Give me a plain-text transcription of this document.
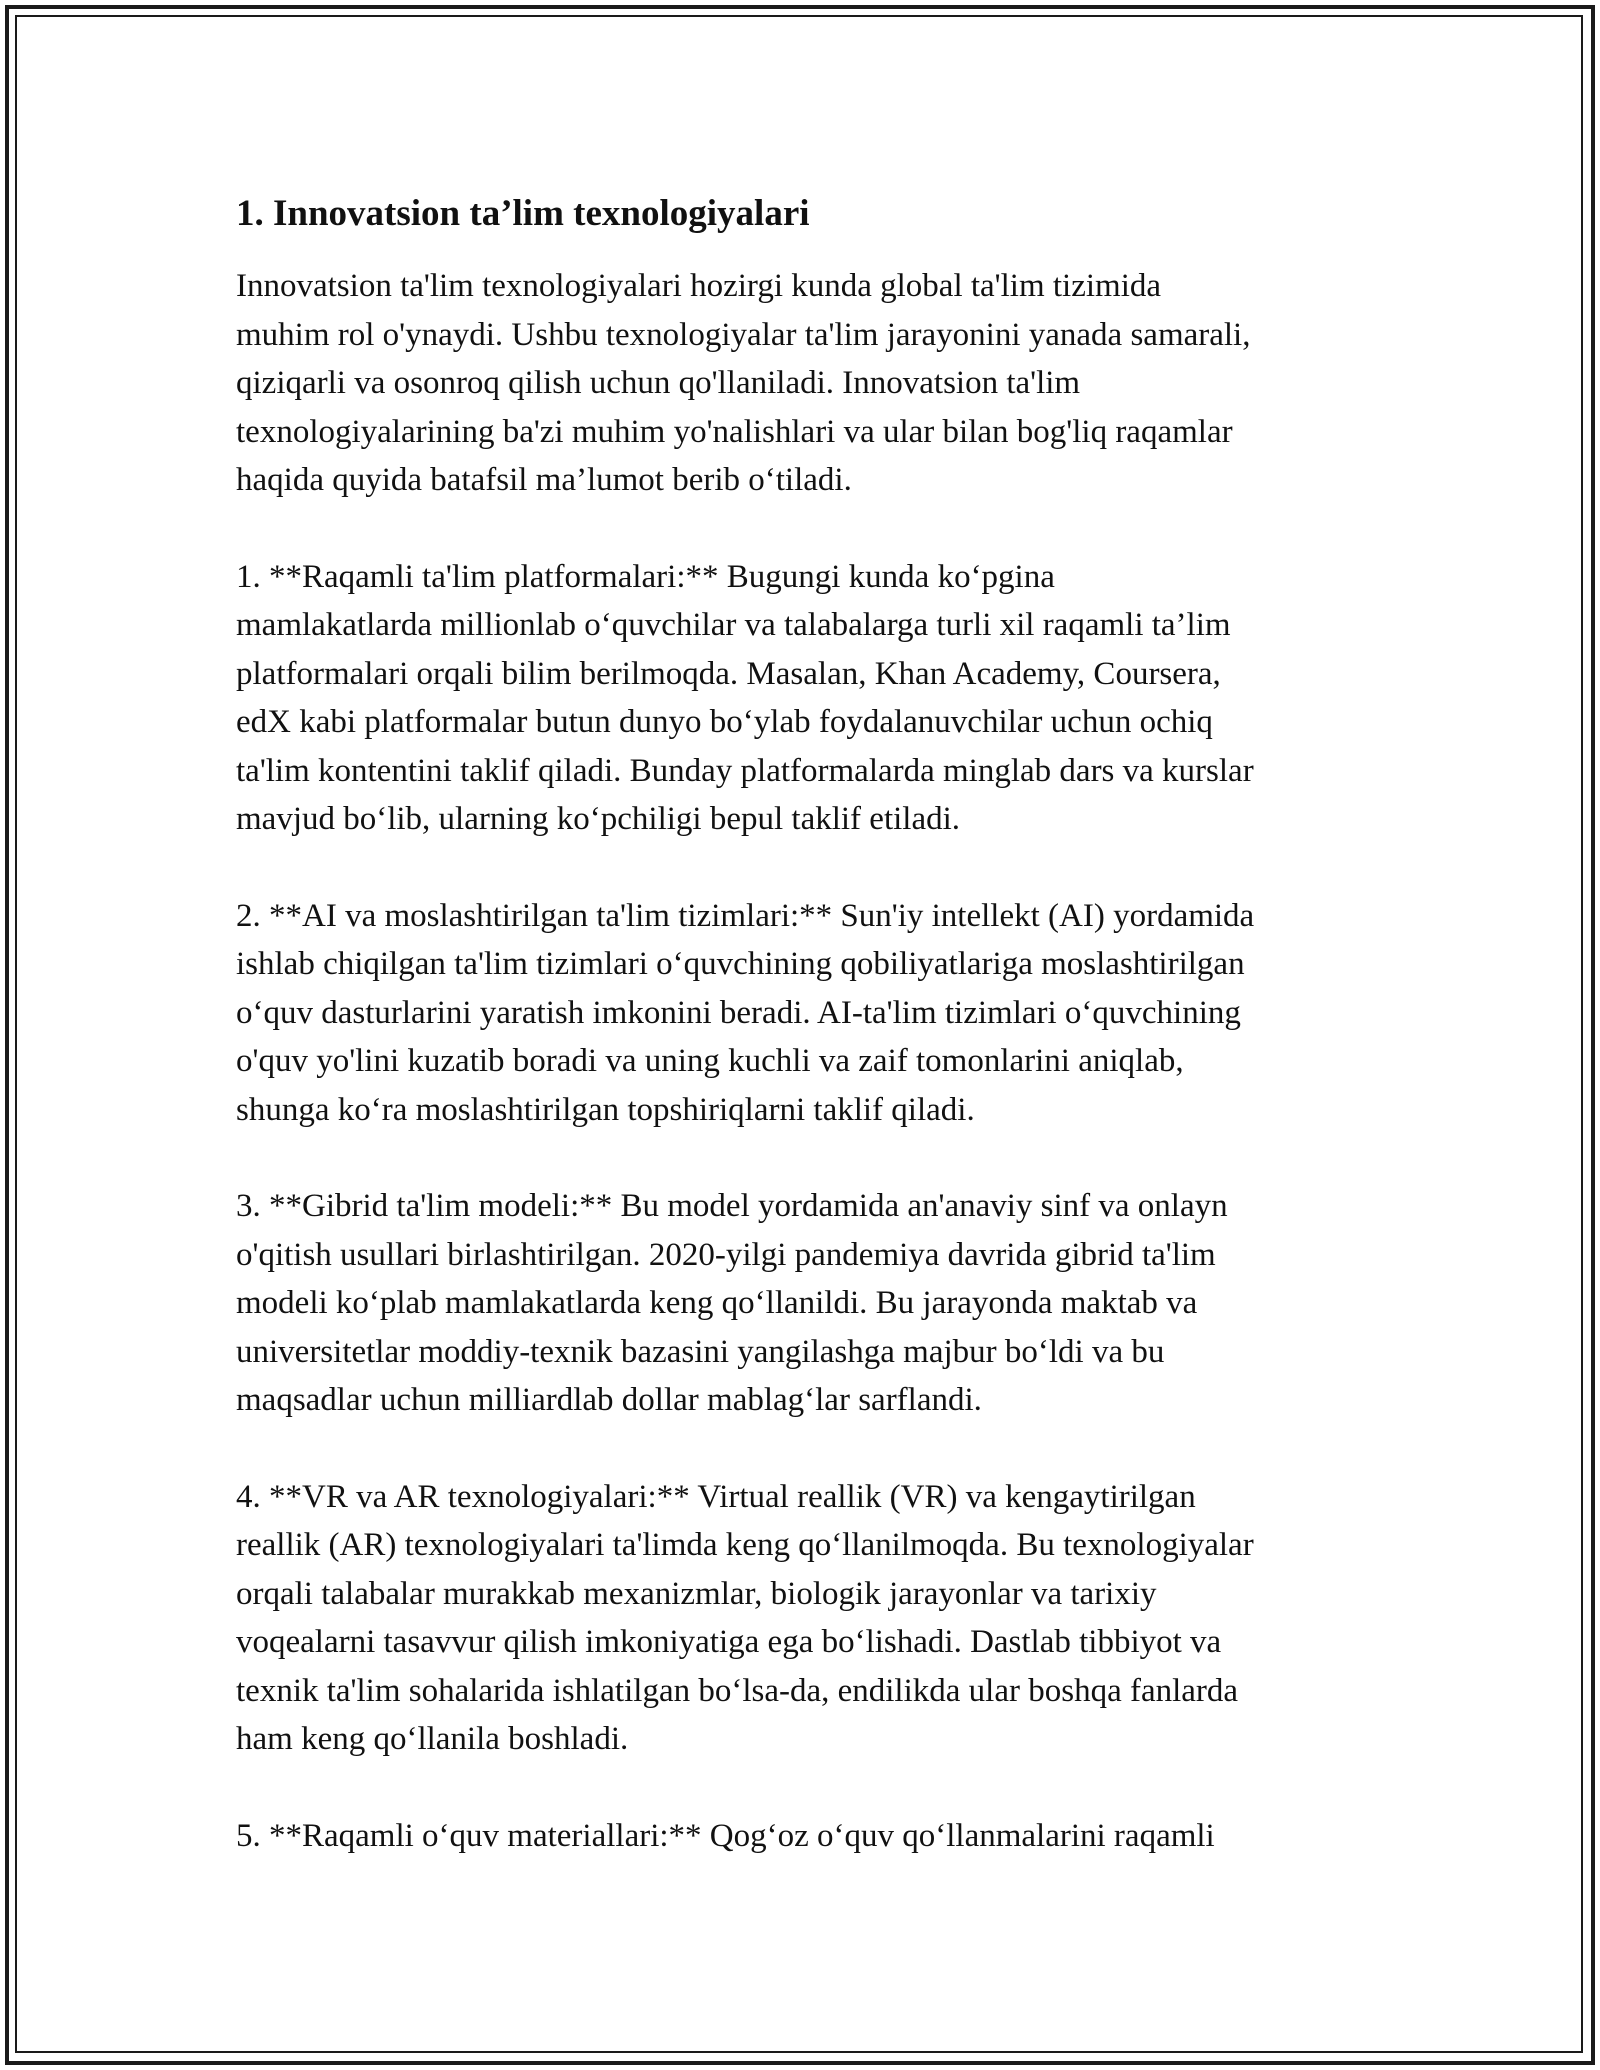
1. Innovatsion ta’lim texnologiyalari

Innovatsion ta'lim texnologiyalari hozirgi kunda global ta'lim tizimida
muhim rol o'ynaydi. Ushbu texnologiyalar ta'lim jarayonini yanada samarali,
qiziqarli va osonroq qilish uchun qo'llaniladi. Innovatsion ta'lim
texnologiyalarining ba'zi muhim yo'nalishlari va ular bilan bog'liq raqamlar
haqida quyida batafsil ma’lumot berib o‘tiladi.

1. **Raqamli ta'lim platformalari:** Bugungi kunda ko‘pgina
mamlakatlarda millionlab o‘quvchilar va talabalarga turli xil raqamli ta’lim
platformalari orqali bilim berilmoqda. Masalan, Khan Academy, Coursera,
edX kabi platformalar butun dunyo bo‘ylab foydalanuvchilar uchun ochiq
ta'lim kontentini taklif qiladi. Bunday platformalarda minglab dars va kurslar
mavjud bo‘lib, ularning ko‘pchiligi bepul taklif etiladi.

2. **AI va moslashtirilgan ta'lim tizimlari:** Sun'iy intellekt (AI) yordamida
ishlab chiqilgan ta'lim tizimlari o‘quvchining qobiliyatlariga moslashtirilgan
o‘quv dasturlarini yaratish imkonini beradi. AI-ta'lim tizimlari o‘quvchining
o'quv yo'lini kuzatib boradi va uning kuchli va zaif tomonlarini aniqlab,
shunga ko‘ra moslashtirilgan topshiriqlarni taklif qiladi.

3. **Gibrid ta'lim modeli:** Bu model yordamida an'anaviy sinf va onlayn
o'qitish usullari birlashtirilgan. 2020-yilgi pandemiya davrida gibrid ta'lim
modeli ko‘plab mamlakatlarda keng qo‘llanildi. Bu jarayonda maktab va
universitetlar moddiy-texnik bazasini yangilashga majbur bo‘ldi va bu
maqsadlar uchun milliardlab dollar mablag‘lar sarflandi.

4. **VR va AR texnologiyalari:** Virtual reallik (VR) va kengaytirilgan
reallik (AR) texnologiyalari ta'limda keng qo‘llanilmoqda. Bu texnologiyalar
orqali talabalar murakkab mexanizmlar, biologik jarayonlar va tarixiy
voqealarni tasavvur qilish imkoniyatiga ega bo‘lishadi. Dastlab tibbiyot va
texnik ta'lim sohalarida ishlatilgan bo‘lsa-da, endilikda ular boshqa fanlarda
ham keng qo‘llanila boshladi.

5. **Raqamli o‘quv materiallari:** Qog‘oz o‘quv qo‘llanmalarini raqamli
